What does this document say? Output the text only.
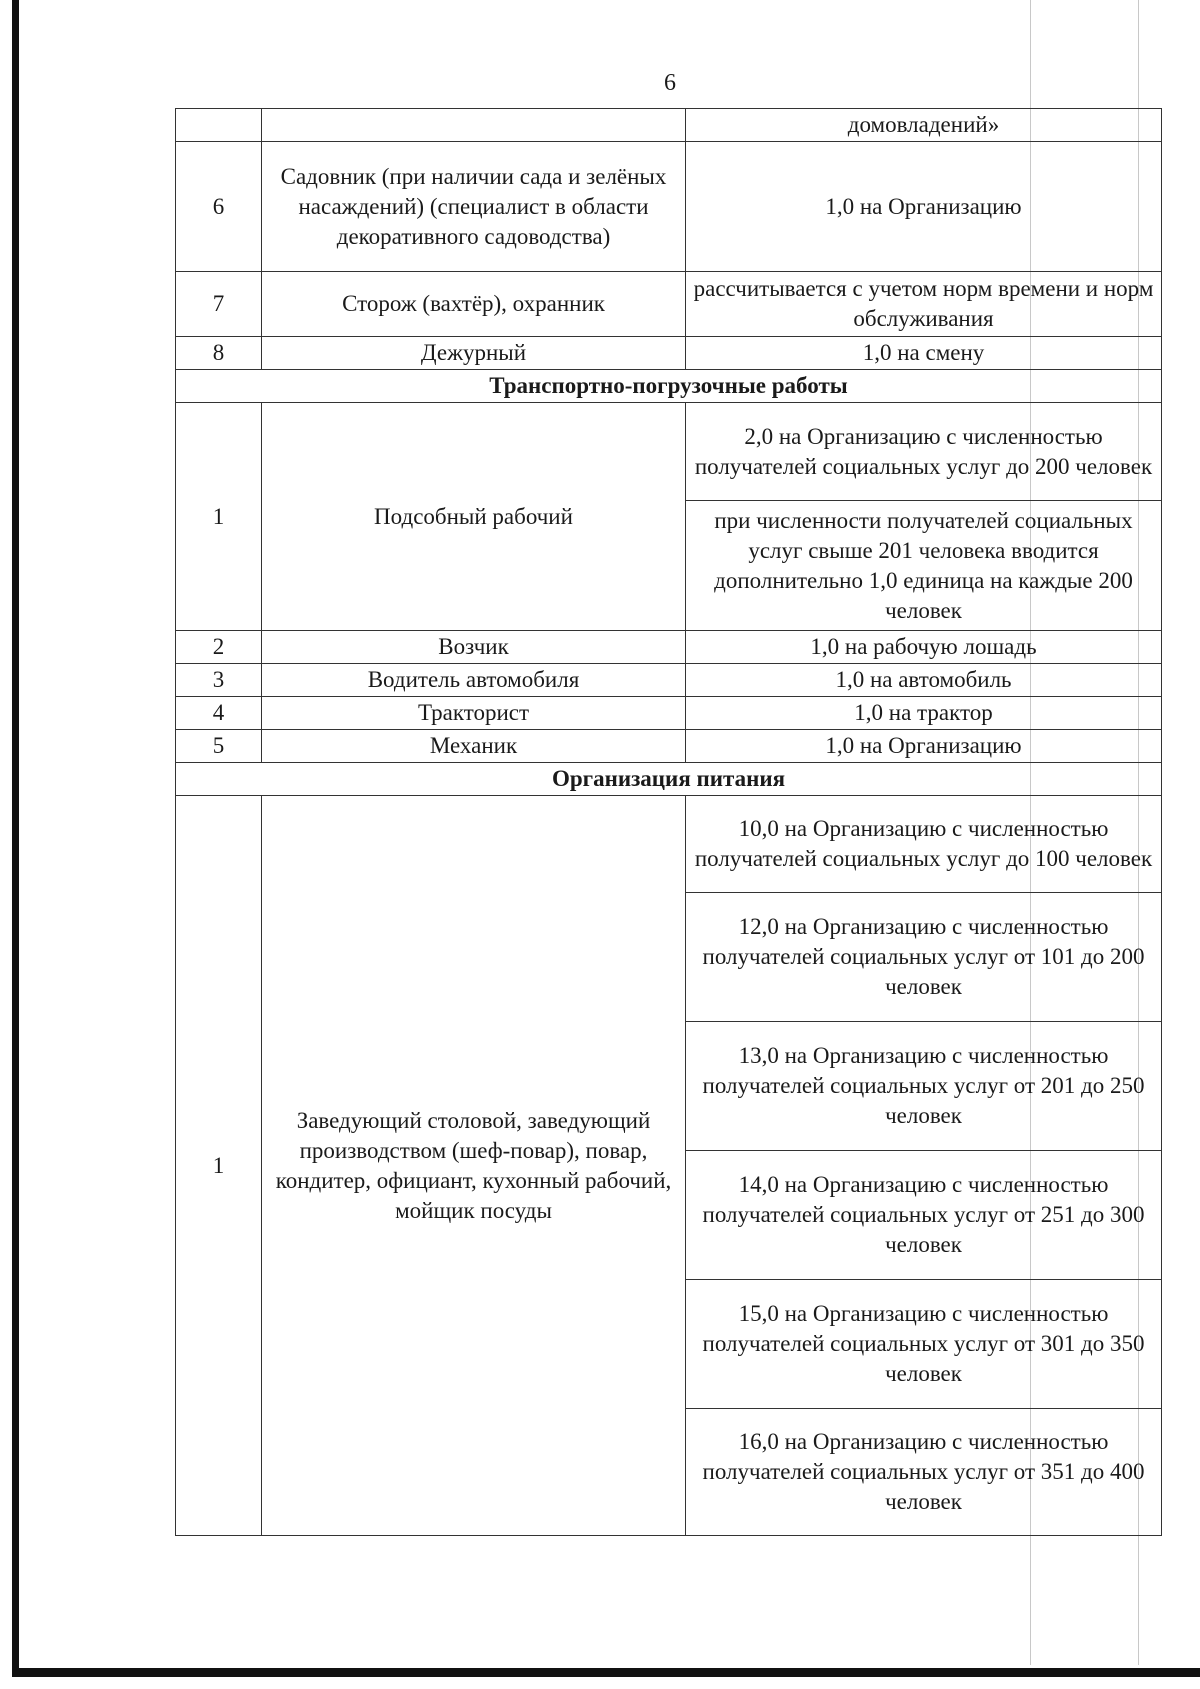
6
		домовладений»
6	Садовник (при наличии сада и зелёных насаждений) (специалист в области декоративного садоводства)	1,0 на Организацию
7	Сторож (вахтёр), охранник	рассчитывается с учетом норм времени и норм обслуживания
8	Дежурный	1,0 на смену
Транспортно-погрузочные работы		
1	Подсобный рабочий	2,0 на Организацию с численностью получателей социальных услуг до 200 человек
		при численности получателей социальных услуг свыше 201 человека вводится дополнительно 1,0 единица на каждые 200 человек
2	Возчик	1,0 на рабочую лошадь
3	Водитель автомобиля	1,0 на автомобиль
4	Тракторист	1,0 на трактор
5	Механик	1,0 на Организацию
Организация питания		
1	Заведующий столовой, заведующий производством (шеф-повар), повар, кондитер, официант, кухонный рабочий, мойщик посуды	10,0 на Организацию с численностью получателей социальных услуг до 100 человек
		12,0 на Организацию с численностью получателей социальных услуг от 101 до 200 человек
		13,0 на Организацию с численностью получателей социальных услуг от 201 до 250 человек
		14,0 на Организацию с численностью получателей социальных услуг от 251 до 300 человек
		15,0 на Организацию с численностью получателей социальных услуг от 301 до 350 человек
		16,0 на Организацию с численностью получателей социальных услуг от 351 до 400 человек
